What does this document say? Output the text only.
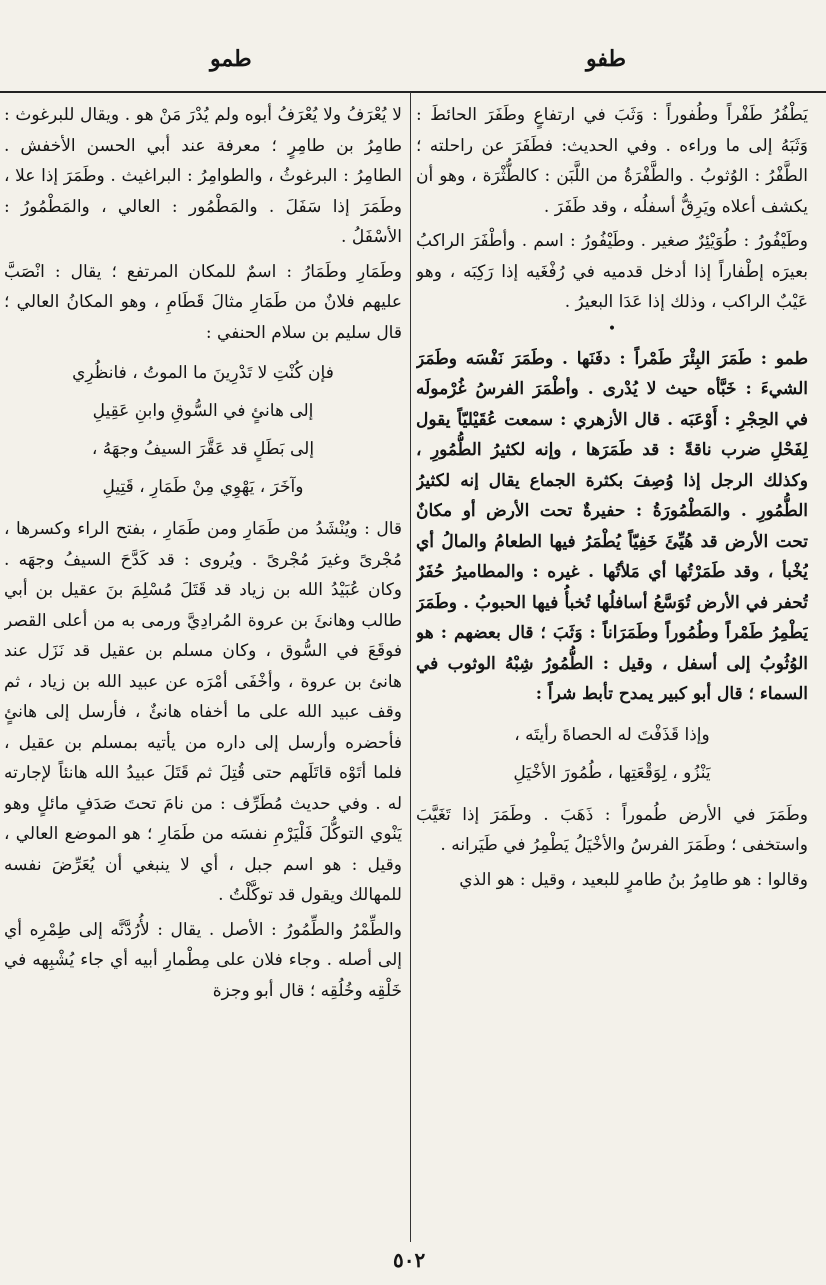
طفو
طمو

يَطْفُرُ طَفْراً وطُفوراً : وَثَبَ في ارتفاعٍ وطَفَرَ الحائطَ : وَثَبَهُ إلى ما وراءه . وفي الحديث: فطَفَرَ عن راحلته ؛ الطَّفْرُ : الوُثوبُ . والطَّفْرَةُ من اللَّبَن : كالطُّثْرَة ، وهو أن يكشف أعلاه ويَرِقُّ أسفلُه ، وقد طَفَرَ .

وطَيْفُورُ : طُوَيْئِرٌ صغير . وطَيْفُورُ : اسم . وأطْفَرَ الراكبُ بعيرَه إطْفاراً إذا أدخل قدميه في رُفْغَيه إذا رَكِبَه ، وهو عَيْبٌ الراكب ، وذلك إذا عَدَا البعيرُ .

•

طمو : طَمَرَ البِئْرَ طَمْراً : دفَنَها . وطَمَرَ نَفْسَه وطَمَرَ الشيءَ : خَبَّأه حيث لا يُدْرى . وأطْمَرَ الفرسُ غُرْمولَه في الحِجْرِ : أَوْعَبَه . قال الأزهري : سمعت عُقَيْليّاً يقول لِفَحْلِ ضرب ناقةً : قد طَمَرَها ، وإنه لكثيرُ الطُّمُورِ ، وكذلك الرجل إذا وُصِفَ بكثرة الجماع يقال إنه لكثيرُ الطُّمُورِ . والمَطْمُورَةُ : حفيرةٌ تحت الأرض أو مكانٌ تحت الأرض قد هُيِّئَ خَفِيّاً يُطْمَرُ فيها الطعامُ والمالُ أي يُخْبأ ، وقد طَمَرْتُها أي مَلأتُها . غيره : والمطاميرُ حُفَرٌ تُحفر في الأرض تُوَسَّعُ أسافلُها تُخبأُ فيها الحبوبُ . وطَمَرَ يَطْمِرُ طَمْراً وطُمُوراً وطَمَرَاناً : وَثَبَ ؛ قال بعضهم : هو الوُثُوبُ إلى أسفل ، وقيل : الطُّمُورُ شِبْهُ الوثوب في السماء ؛ قال أبو كبير يمدح تأبط شراً :

وإذا قَذَفْتَ له الحصاةَ رأيتَه ،
يَنْزُو ، لِوَقْعَتِها ، طُمُورَ الأخْيَلِ

وطَمَرَ في الأرض طُموراً : ذَهَبَ . وطَمَرَ إذا تَغَيَّبَ واستخفى ؛ وطَمَرَ الفرسُ والأخْيَلُ يَطْمِرُ في طَيَرانه .

وقالوا : هو طامِرُ بنُ طامرٍ للبعيد ، وقيل : هو الذي

لا يُعْرَفُ ولا يُعْرَفُ أبوه ولم يُدْرَ مَنْ هو . ويقال للبرغوث : طامِرُ بن طامِرٍ ؛ معرفة عند أبي الحسن الأخفش . الطامِرُ : البرغوثُ ، والطوامِرُ : البراغيث . وطَمَرَ إذا علا ، وطَمَرَ إذا سَفَلَ . والمَطْمُور : العالي ، والمَطْمُورُ : الأسْفَلُ .

وطَمَارِ وطَمَارُ : اسمٌ للمكان المرتفع ؛ يقال : انْصَبَّ عليهم فلانٌ من طَمَارِ مثالَ قَطَامِ ، وهو المكانُ العالي ؛ قال سليم بن سلام الحنفي :

فإن كُنْتِ لا تَدْرِينَ ما الموتُ ، فانظُرِي
إلى هانئٍ في السُّوقِ وابنِ عَقِيلِ
إلى بَطَلٍ قد عَقَّرَ السيفُ وجهَهُ ،
وآخَرَ ، يَهْوِي مِنْ طَمَارِ ، قَتِيلِ

قال : ويُنْشَدُ من طَمَارِ ومن طَمَارِ ، بفتح الراء وكسرها ، مُجْرىً وغيرَ مُجْرىً . ويُروى : قد كَدَّحَ السيفُ وجهَه . وكان عُبَيْدُ الله بن زياد قد قَتَلَ مُسْلِمَ بنَ عقيل بن أبي طالب وهانئَ بن عروة المُرادِيَّ ورمى به من أعلى القصر فوقَعَ في السُّوق ، وكان مسلم بن عقيل قد نَزَل عند هانئ بن عروة ، وأخْفَى أمْرَه عن عبيد الله بن زياد ، ثم وقف عبيد الله على ما أخفاه هانئٌ ، فأرسل إلى هانئٍ فأحضره وأرسل إلى داره من يأتيه بمسلم بن عقيل ، فلما أتَوْه قاتَلَهم حتى قُتِلَ ثم قَتَلَ عبيدُ الله هانئاً لإجارته له . وفي حديث مُطَرِّف : من نامَ تحتَ صَدَفٍ مائلٍ وهو يَنْوي التوكُّلَ فَلْيَرْمِ نفسَه من طَمَارِ ؛ هو الموضع العالي ، وقيل : هو اسم جبل ، أي لا ينبغي أن يُعَرِّضَ نفسه للمهالك ويقول قد توكَّلْتُ .

والطِّمْرُ والطِّمُورُ : الأصل . يقال : لأُرُدَّنَّه إلى طِمْرِه أي إلى أصله . وجاء فلان على مِطْمارِ أبيه أي جاء يُشْبِهه في خَلْقِه وخُلُقِه ؛ قال أبو وجزة

٥٠٢
